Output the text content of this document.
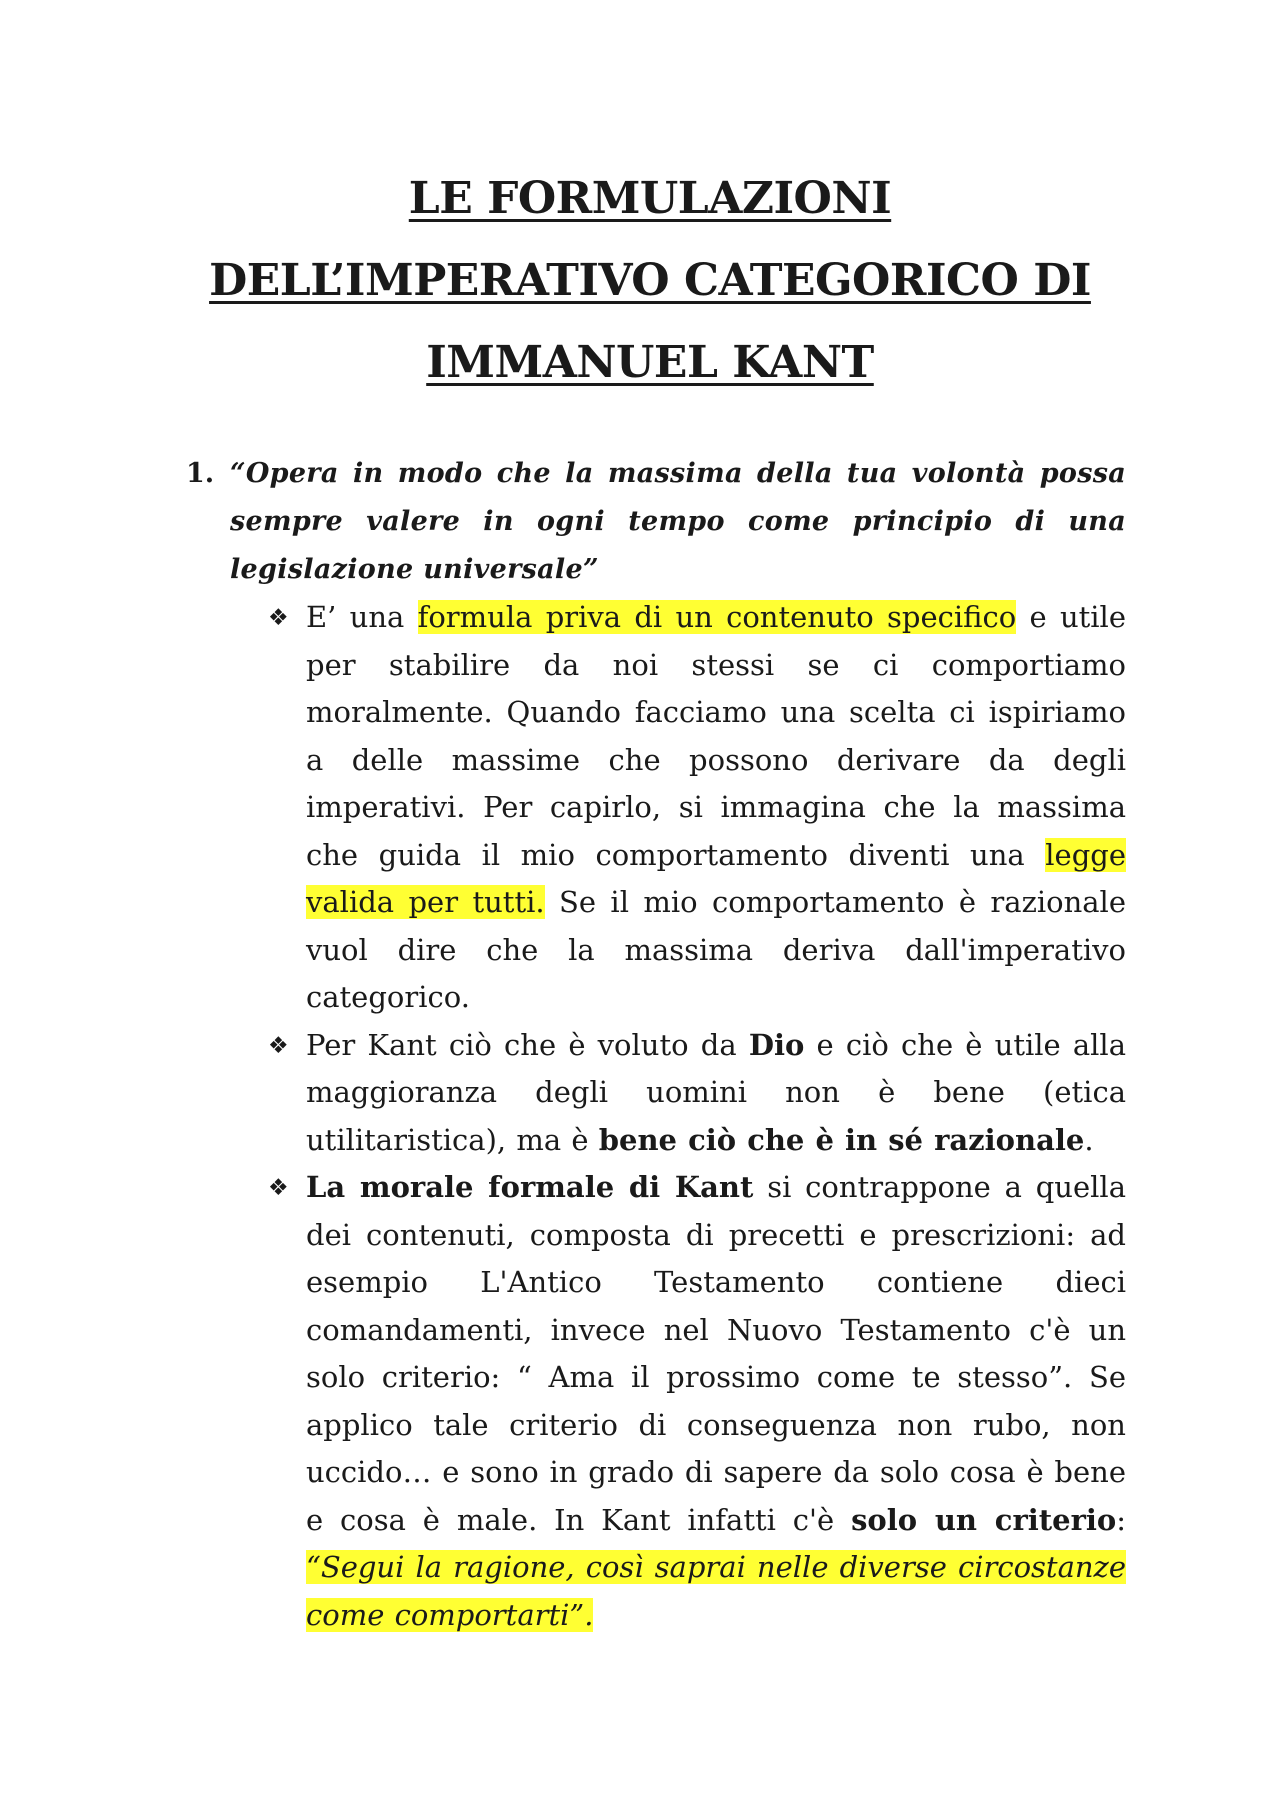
LE FORMULAZIONI
DELL’IMPERATIVO CATEGORICO DI
IMMANUEL KANT
1. “Opera in modo che la massima della tua volontà possa sempre valere in ogni tempo come principio di una legislazione universale”

❖ E’ una formula priva di un contenuto specifico e utile per stabilire da noi stessi se ci comportiamo moralmente. Quando facciamo una scelta ci ispiriamo a delle massime che possono derivare da degli imperativi. Per capirlo, si immagina che la massima che guida il mio comportamento diventi una legge valida per tutti. Se il mio comportamento è razionale vuol dire che la massima deriva dall'imperativo categorico.
❖ Per Kant ciò che è voluto da Dio e ciò che è utile alla maggioranza degli uomini non è bene (etica utilitaristica), ma è bene ciò che è in sé razionale.
❖ La morale formale di Kant si contrappone a quella dei contenuti, composta di precetti e prescrizioni: ad esempio L'Antico Testamento contiene dieci comandamenti, invece nel Nuovo Testamento c'è un solo criterio: “ Ama il prossimo come te stesso”. Se applico tale criterio di conseguenza non rubo, non uccido… e sono in grado di sapere da solo cosa è bene e cosa è male. In Kant infatti c'è solo un criterio: “Segui la ragione, così saprai nelle diverse circostanze come comportarti”.
